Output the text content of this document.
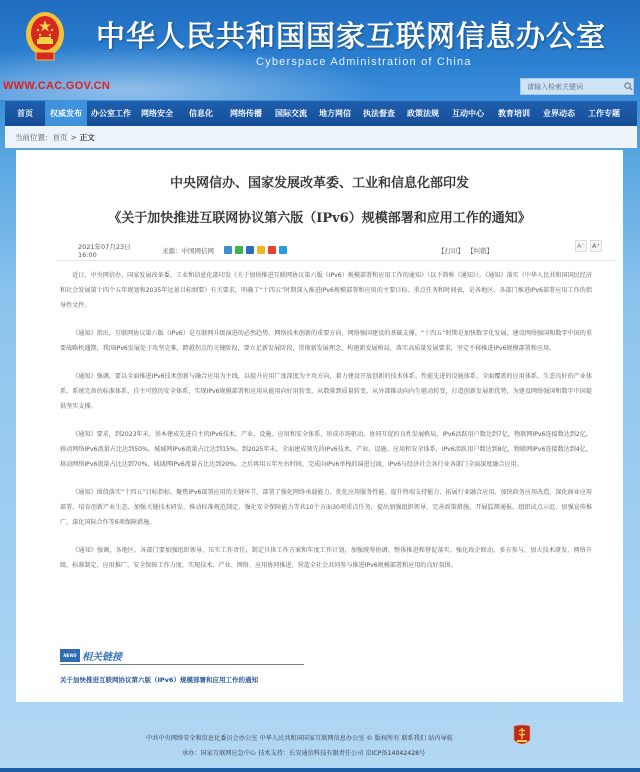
中华人民共和国国家互联网信息办公室
Cyberspace Administration of China
WWW.CAC.GOV.CN
请输入检索关键词
首页	权威发布	办公室工作	网络安全	信息化	网络传播	国际交流	地方网信	执法督查	政策法规	互动中心	教育培训	业界动态	工作专题
当前位置： 首页 > 正文
中央网信办、国家发展改革委、工业和信息化部印发
《关于加快推进互联网协议第六版（IPv6）规模部署和应用工作的通知》
2021年07月23日 16:00	来源：中国网信网	【打印】 【纠错】
A⁻	A⁺

近日，中央网信办、国家发展改革委、工业和信息化部印发《关于加快推进互联网协议第六版（IPv6）规模部署和应用工作的通知》（以下简称《通知》）。《通知》落实《中华人民共和国国民经济和社会发展第十四个五年规划和2035年远景目标纲要》有关要求，明确了“十四五”时期深入推进IPv6规模部署和应用的主要目标、重点任务和时间表，是各地区、各部门推进IPv6部署应用工作的指导性文件。

《通知》指出，互联网协议第六版（IPv6）是互联网升级演进的必然趋势、网络技术创新的重要方向、网络强国建设的基础支撑。“十四五”时期是加快数字化发展、建设网络强国和数字中国的重要战略机遇期，我国IPv6发展处于攻坚克难、跨越拐点的关键阶段，要立足新发展阶段，贯彻新发展理念，构建新发展格局，落实高质量发展要求，坚定不移推进IPv6规模部署和应用。

《通知》强调，要以全面推进IPv6技术创新与融合应用为主线，以提升应用广度深度为主攻方向，着力建设开放创新的技术体系、性能先进的设施体系、全面覆盖的应用体系、生态良好的产业体系、系统完备的标准体系、自主可控的安全体系，实现IPv6规模部署和应用从能用向好用转变、从数量到质量转变、从外部推动向内生驱动转变，打造创新发展新优势，为建设网络强国和数字中国提供坚实支撑。

《通知》要求，到2023年末，基本建成先进自主的IPv6技术、产业、设施、应用和安全体系，形成市场驱动、协同互促的良性发展格局，IPv6活跃用户数达到7亿，物联网IPv6连接数达到2亿，移动网络IPv6流量占比达到50%，城域网IPv6流量占比达到15%。到2025年末，全面建成领先的IPv6技术、产业、设施、应用和安全体系，IPv6活跃用户数达到8亿，物联网IPv6连接数达到4亿，移动网络IPv6流量占比达到70%，城域网IPv6流量占比达到20%。之后再用五年左右时间，完成向IPv6单栈的演进过渡，IPv6与经济社会各行业各部门全面深度融合应用。

《通知》围绕落实“十四五”目标指标，聚焦IPv6部署应用的关键环节，部署了强化网络承载能力、优化应用服务性能、提升终端支持能力、拓展行业融合应用、加快政务应用改造、深化商业应用部署、培育创新产业生态、加强关键技术研发、推动标准规范制定、强化安全保障能力等共10个方面30项重点任务，提出加强组织领导、完善政策措施、开展监测通报、组织试点示范、加强宣传推广、深化国际合作等6项保障措施。

《通知》强调，各地区、各部门要加强组织领导，压实工作责任，制定具体工作方案和年度工作计划，加强统筹协调、整体推进和督促落实。强化政企联动、多方参与，加大技术研发、网络升级、标准制定、应用推广、安全保障工作力度，实现技术、产业、网络、应用协同推进，营造全社会共同参与推进IPv6规模部署和应用的良好氛围。

NEWS 相关链接
关于加快推进互联网协议第六版（IPv6）规模部署和应用工作的通知
中共中央网络安全和信息化委员会办公室 中华人民共和国国家互联网信息办公室 © 版权所有 联系我们 站内导航
承办：国家互联网应急中心 技术支持：长安通信科技有限责任公司 京ICP备14042428号
